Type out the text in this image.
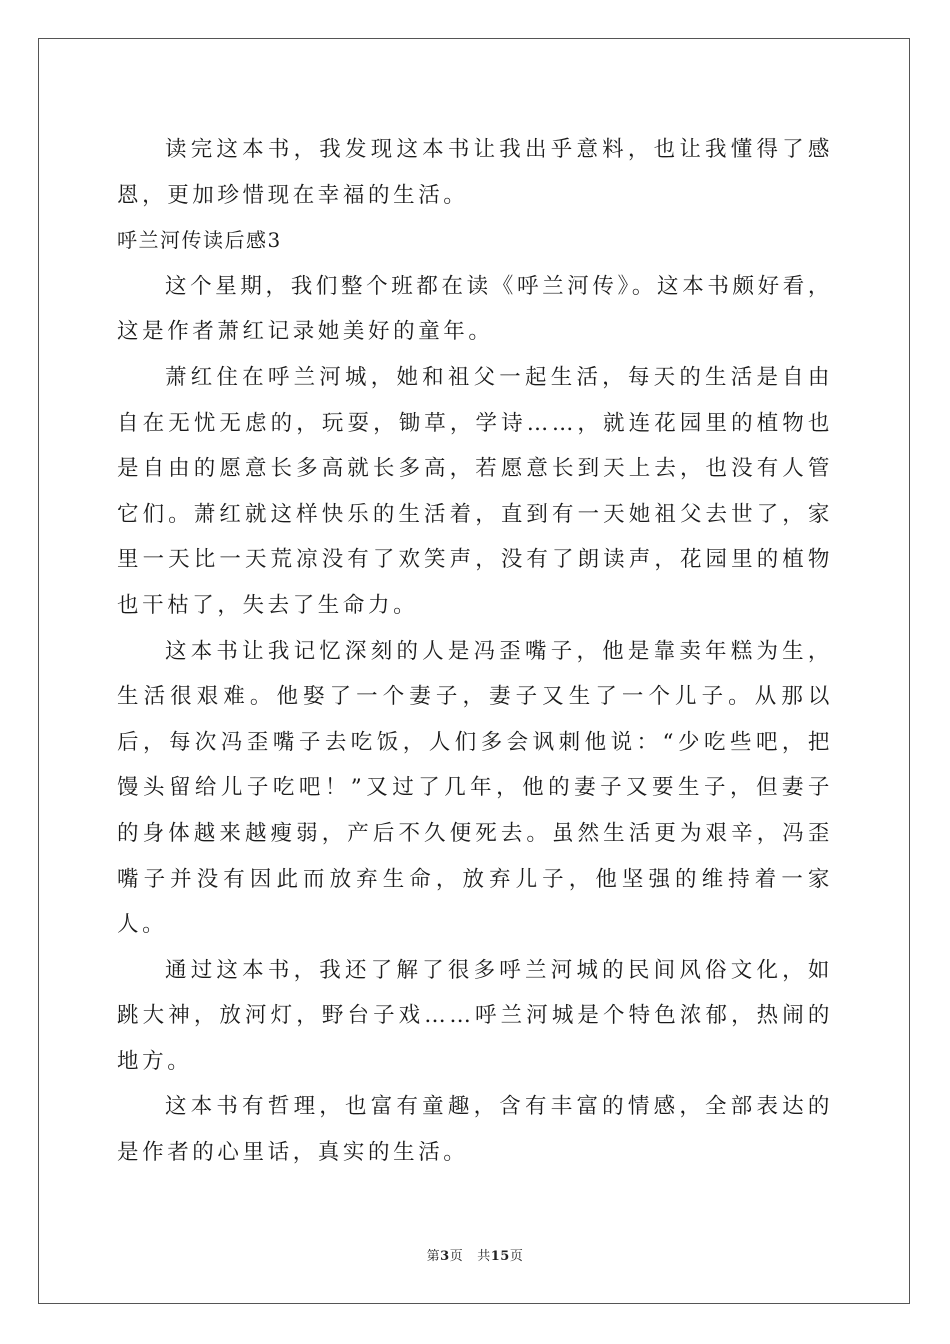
读完这本书，我发现这本书让我出乎意料，也让我懂得了感恩，更加珍惜现在幸福的生活。

呼兰河传读后感3

这个星期，我们整个班都在读《呼兰河传》。这本书颇好看，这是作者萧红记录她美好的童年。

萧红住在呼兰河城，她和祖父一起生活，每天的生活是自由自在无忧无虑的，玩耍，锄草，学诗……，就连花园里的植物也是自由的愿意长多高就长多高，若愿意长到天上去，也没有人管它们。萧红就这样快乐的生活着，直到有一天她祖父去世了，家里一天比一天荒凉没有了欢笑声，没有了朗读声，花园里的植物也干枯了，失去了生命力。

这本书让我记忆深刻的人是冯歪嘴子，他是靠卖年糕为生，生活很艰难。他娶了一个妻子，妻子又生了一个儿子。从那以后，每次冯歪嘴子去吃饭，人们多会讽刺他说：“少吃些吧，把馒头留给儿子吃吧！”又过了几年，他的妻子又要生子，但妻子的身体越来越瘦弱，产后不久便死去。虽然生活更为艰辛，冯歪嘴子并没有因此而放弃生命，放弃儿子，他坚强的维持着一家人。

通过这本书，我还了解了很多呼兰河城的民间风俗文化，如跳大神，放河灯，野台子戏……呼兰河城是个特色浓郁，热闹的地方。

这本书有哲理，也富有童趣，含有丰富的情感，全部表达的是作者的心里话，真实的生活。

第3页 共15页
